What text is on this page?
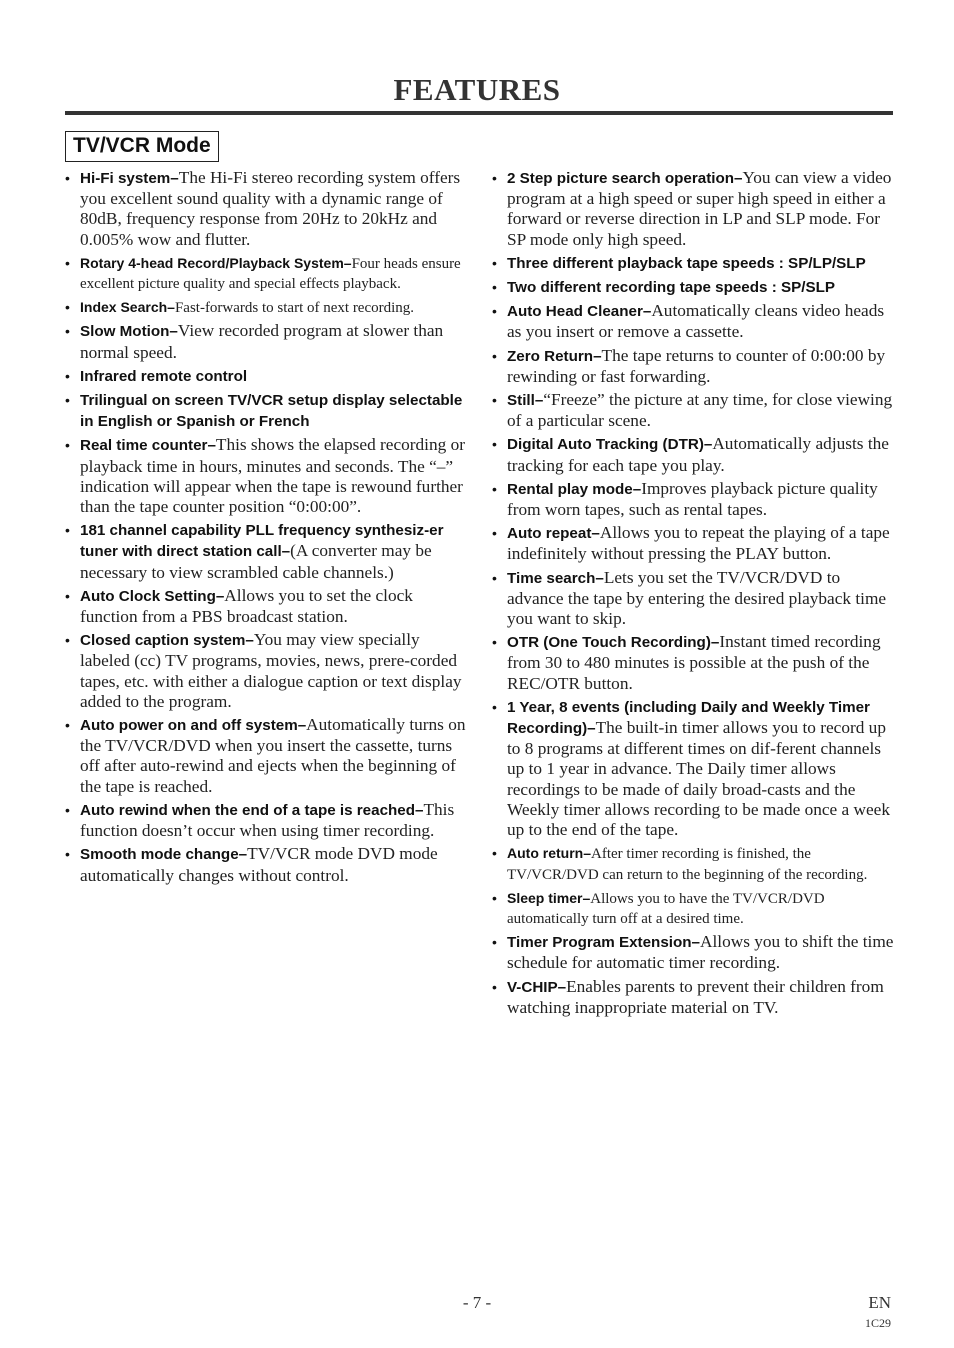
FEATURES
TV/VCR Mode
• Hi-Fi system–The Hi-Fi stereo recording system offers you excellent sound quality with a dynamic range of 80dB, frequency response from 20Hz to 20kHz and 0.005% wow and flutter.
• Rotary 4-head Record/Playback System–Four heads ensure excellent picture quality and special effects playback.
• Index Search–Fast-forwards to start of next recording.
• Slow Motion–View recorded program at slower than normal speed.
• Infrared remote control
• Trilingual on screen TV/VCR setup display selectable in English or Spanish or French
• Real time counter–This shows the elapsed recording or playback time in hours, minutes and seconds. The “–” indication will appear when the tape is rewound further than the tape counter position “0:00:00”.
• 181 channel capability PLL frequency synthesiz-er tuner with direct station call–(A converter may be necessary to view scrambled cable channels.)
• Auto Clock Setting–Allows you to set the clock function from a PBS broadcast station.
• Closed caption system–You may view specially labeled (cc) TV programs, movies, news, prere-corded tapes, etc. with either a dialogue caption or text display added to the program.
• Auto power on and off system–Automatically turns on the TV/VCR/DVD when you insert the cassette, turns off after auto-rewind and ejects when the beginning of the tape is reached.
• Auto rewind when the end of a tape is reached–This function doesn’t occur when using timer recording.
• Smooth mode change–TV/VCR mode DVD mode automatically changes without control.
• 2 Step picture search operation–You can view a video program at a high speed or super high speed in either a forward or reverse direction in LP and SLP mode. For SP mode only high speed.
• Three different playback tape speeds : SP/LP/SLP
• Two different recording tape speeds : SP/SLP
• Auto Head Cleaner–Automatically cleans video heads as you insert or remove a cassette.
• Zero Return–The tape returns to counter of 0:00:00 by rewinding or fast forwarding.
• Still–“Freeze” the picture at any time, for close viewing of a particular scene.
• Digital Auto Tracking (DTR)–Automatically adjusts the tracking for each tape you play.
• Rental play mode–Improves playback picture quality from worn tapes, such as rental tapes.
• Auto repeat–Allows you to repeat the playing of a tape indefinitely without pressing the PLAY button.
• Time search–Lets you set the TV/VCR/DVD to advance the tape by entering the desired playback time you want to skip.
• OTR (One Touch Recording)–Instant timed recording from 30 to 480 minutes is possible at the push of the REC/OTR button.
• 1 Year, 8 events (including Daily and Weekly Timer Recording)–The built-in timer allows you to record up to 8 programs at different times on dif-ferent channels up to 1 year in advance. The Daily timer allows recordings to be made of daily broad-casts and the Weekly timer allows recording to be made once a week up to the end of the tape.
• Auto return–After timer recording is finished, the TV/VCR/DVD can return to the beginning of the recording.
• Sleep timer–Allows you to have the TV/VCR/DVD automatically turn off at a desired time.
• Timer Program Extension–Allows you to shift the time schedule for automatic timer recording.
• V-CHIP–Enables parents to prevent their children from watching inappropriate material on TV.
- 7 -	EN
1C29
